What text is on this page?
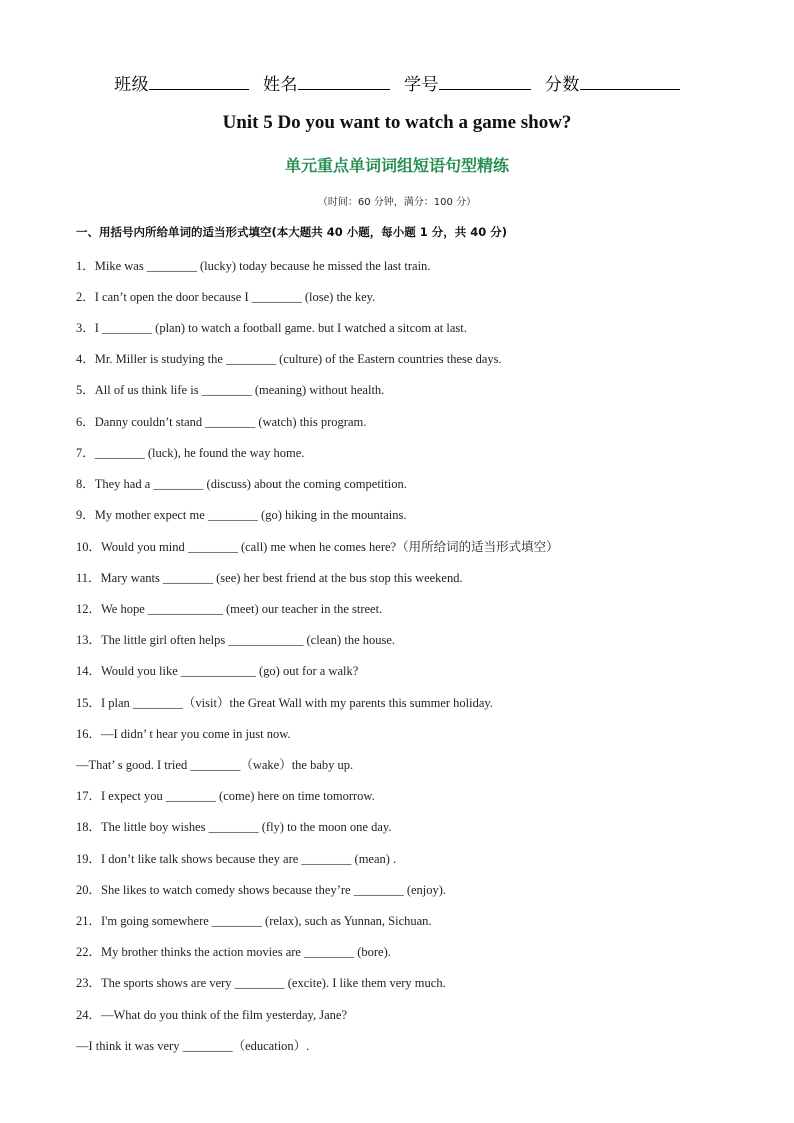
班级	姓名	学号	分数
Unit 5 Do you want to watch a game show?
单元重点单词词组短语句型精练
（时间：60 分钟，满分：100 分）
一、用括号内所给单词的适当形式填空(本大题共 40 小题，每小题 1 分，共 40 分)
1．Mike was ________ (lucky) today because he missed the last train.
2．I can’t open the door because I ________ (lose) the key.
3．I ________ (plan) to watch a football game. but I watched a sitcom at last.
4．Mr. Miller is studying the ________ (culture) of the Eastern countries these days.
5．All of us think life is ________ (meaning) without health.
6．Danny couldn’t stand ________ (watch) this program.
7．________ (luck), he found the way home.
8．They had a ________ (discuss) about the coming competition.
9．My mother expect me ________ (go) hiking in the mountains.
10．Would you mind ________ (call) me when he comes here?（用所给词的适当形式填空）
11．Mary wants ________ (see) her best friend at the bus stop this weekend.
12．We hope ____________ (meet) our teacher in the street.
13．The little girl often helps ____________ (clean) the house.
14．Would you like ____________ (go) out for a walk?
15．I plan ________（visit）the Great Wall with my parents this summer holiday.
16．—I didn’ t hear you come in just now.
—That’ s good. I tried ________（wake）the baby up.
17．I expect you ________ (come) here on time tomorrow.
18．The little boy wishes ________ (fly) to the moon one day.
19．I don’t like talk shows because they are ________ (mean) .
20．She likes to watch comedy shows because they’re ________ (enjoy).
21．I'm going somewhere ________ (relax), such as Yunnan, Sichuan.
22．My brother thinks the action movies are ________ (bore).
23．The sports shows are very ________ (excite). I like them very much.
24．—What do you think of the film yesterday, Jane?
—I think it was very ________（education）.
